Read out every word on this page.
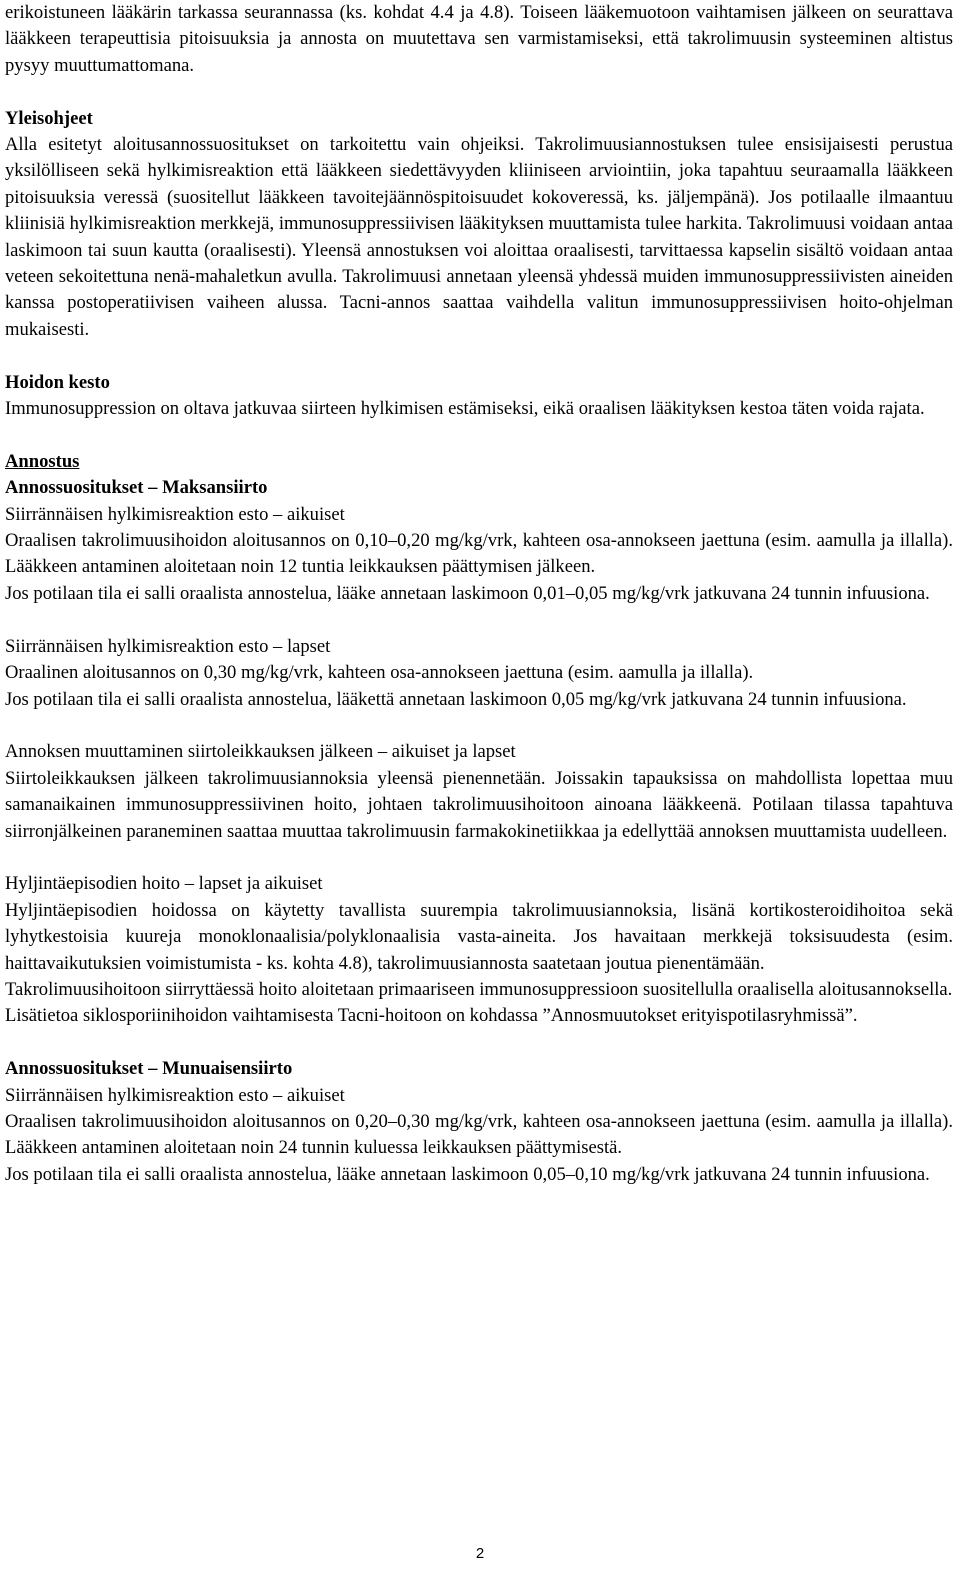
erikoistuneen lääkärin tarkassa seurannassa (ks. kohdat 4.4 ja 4.8). Toiseen lääkemuotoon vaihtamisen jälkeen on seurattava lääkkeen terapeuttisia pitoisuuksia ja annosta on muutettava sen varmistamiseksi, että takrolimuusin systeeminen altistus pysyy muuttumattomana.

Yleisohjeet

Alla esitetyt aloitusannossuositukset on tarkoitettu vain ohjeiksi. Takrolimuusiannostuksen tulee ensisijaisesti perustua yksilölliseen sekä hylkimisreaktion että lääkkeen siedettävyyden kliiniseen arviointiin, joka tapahtuu seuraamalla lääkkeen pitoisuuksia veressä (suositellut lääkkeen tavoitejäännöspitoisuudet kokoveressä, ks. jäljempänä). Jos potilaalle ilmaantuu kliinisiä hylkimisreaktion merkkejä, immunosuppressiivisen lääkityksen muuttamista tulee harkita. Takrolimuusi voidaan antaa laskimoon tai suun kautta (oraalisesti). Yleensä annostuksen voi aloittaa oraalisesti, tarvittaessa kapselin sisältö voidaan antaa veteen sekoitettuna nenä-mahaletkun avulla. Takrolimuusi annetaan yleensä yhdessä muiden immunosuppressiivisten aineiden kanssa postoperatiivisen vaiheen alussa. Tacni-annos saattaa vaihdella valitun immunosuppressiivisen hoito-ohjelman mukaisesti.

Hoidon kesto

Immunosuppression on oltava jatkuvaa siirteen hylkimisen estämiseksi, eikä oraalisen lääkityksen kestoa täten voida rajata.

Annostus

Annossuositukset – Maksansiirto

Siirrännäisen hylkimisreaktion esto – aikuiset

Oraalisen takrolimuusihoidon aloitusannos on 0,10–0,20 mg/kg/vrk, kahteen osa-annokseen jaettuna (esim. aamulla ja illalla). Lääkkeen antaminen aloitetaan noin 12 tuntia leikkauksen päättymisen jälkeen.

Jos potilaan tila ei salli oraalista annostelua, lääke annetaan laskimoon 0,01–0,05 mg/kg/vrk jatkuvana 24 tunnin infuusiona.

Siirrännäisen hylkimisreaktion esto – lapset

Oraalinen aloitusannos on 0,30 mg/kg/vrk, kahteen osa-annokseen jaettuna (esim. aamulla ja illalla).

Jos potilaan tila ei salli oraalista annostelua, lääkettä annetaan laskimoon 0,05 mg/kg/vrk jatkuvana 24 tunnin infuusiona.

Annoksen muuttaminen siirtoleikkauksen jälkeen – aikuiset ja lapset

Siirtoleikkauksen jälkeen takrolimuusiannoksia yleensä pienennetään. Joissakin tapauksissa on mahdollista lopettaa muu samanaikainen immunosuppressiivinen hoito, johtaen takrolimuusihoitoon ainoana lääkkeenä. Potilaan tilassa tapahtuva siirronjälkeinen paraneminen saattaa muuttaa takrolimuusin farmakokinetiikkaa ja edellyttää annoksen muuttamista uudelleen.

Hyljintäepisodien hoito – lapset ja aikuiset

Hyljintäepisodien hoidossa on käytetty tavallista suurempia takrolimuusiannoksia, lisänä kortikosteroidihoitoa sekä lyhytkestoisia kuureja monoklonaalisia/polyklonaalisia vasta-aineita. Jos havaitaan merkkejä toksisuudesta (esim. haittavaikutuksien voimistumista - ks. kohta 4.8), takrolimuusiannosta saatetaan joutua pienentämään.

Takrolimuusihoitoon siirryttäessä hoito aloitetaan primaariseen immunosuppressioon suositellulla oraalisella aloitusannoksella.

Lisätietoa siklosporiinihoidon vaihtamisesta Tacni-hoitoon on kohdassa ”Annosmuutokset erityispotilasryhmissä”.

Annossuositukset – Munuaisensiirto

Siirrännäisen hylkimisreaktion esto – aikuiset

Oraalisen takrolimuusihoidon aloitusannos on 0,20–0,30 mg/kg/vrk, kahteen osa-annokseen jaettuna (esim. aamulla ja illalla). Lääkkeen antaminen aloitetaan noin 24 tunnin kuluessa leikkauksen päättymisestä.

Jos potilaan tila ei salli oraalista annostelua, lääke annetaan laskimoon 0,05–0,10 mg/kg/vrk jatkuvana 24 tunnin infuusiona.

2
